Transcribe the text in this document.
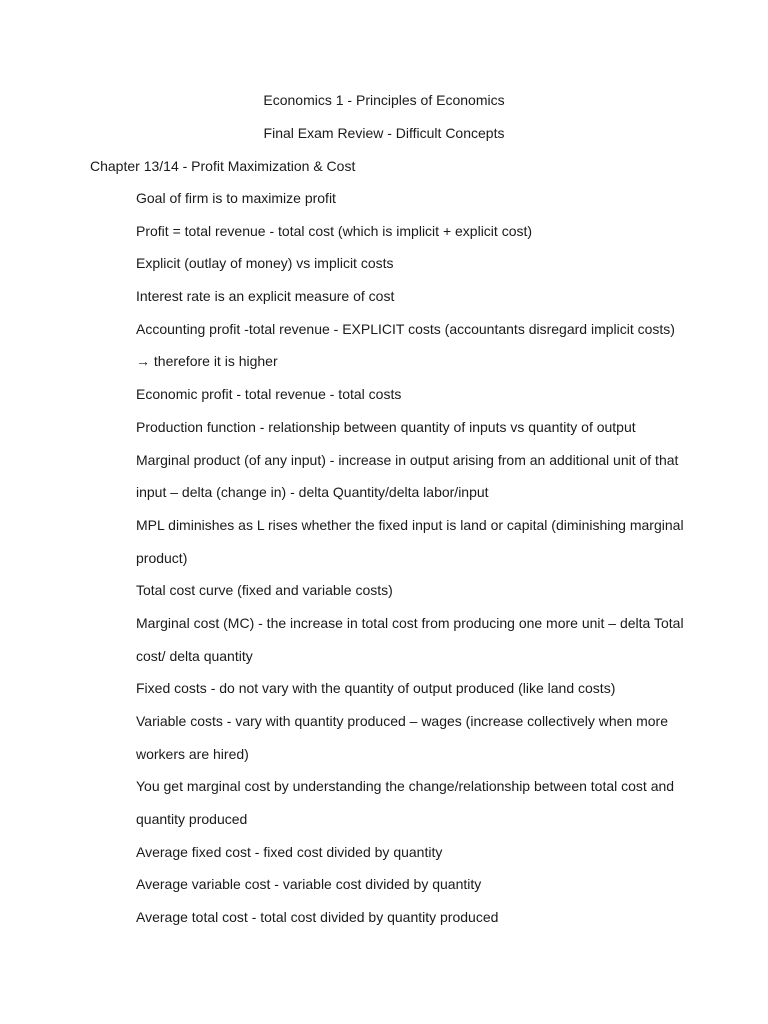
Economics 1 - Principles of Economics
Final Exam Review - Difficult Concepts
Chapter 13/14 - Profit Maximization & Cost
Goal of firm is to maximize profit
Profit = total revenue - total cost (which is implicit + explicit cost)
Explicit (outlay of money) vs implicit costs
Interest rate is an explicit measure of cost
Accounting profit -total revenue - EXPLICIT costs (accountants disregard implicit costs)
→ therefore it is higher
Economic profit - total revenue - total costs
Production function - relationship between quantity of inputs vs quantity of output
Marginal product (of any input) - increase in output arising from an additional unit of that
input – delta (change in) - delta Quantity/delta labor/input
MPL diminishes as L rises whether the fixed input is land or capital (diminishing marginal
product)
Total cost curve (fixed and variable costs)
Marginal cost (MC) - the increase in total cost from producing one more unit – delta Total
cost/ delta quantity
Fixed costs - do not vary with the quantity of output produced (like land costs)
Variable costs - vary with quantity produced – wages (increase collectively when more
workers are hired)
You get marginal cost by understanding the change/relationship between total cost and
quantity produced
Average fixed cost - fixed cost divided by quantity
Average variable cost - variable cost divided by quantity
Average total cost - total cost divided by quantity produced
